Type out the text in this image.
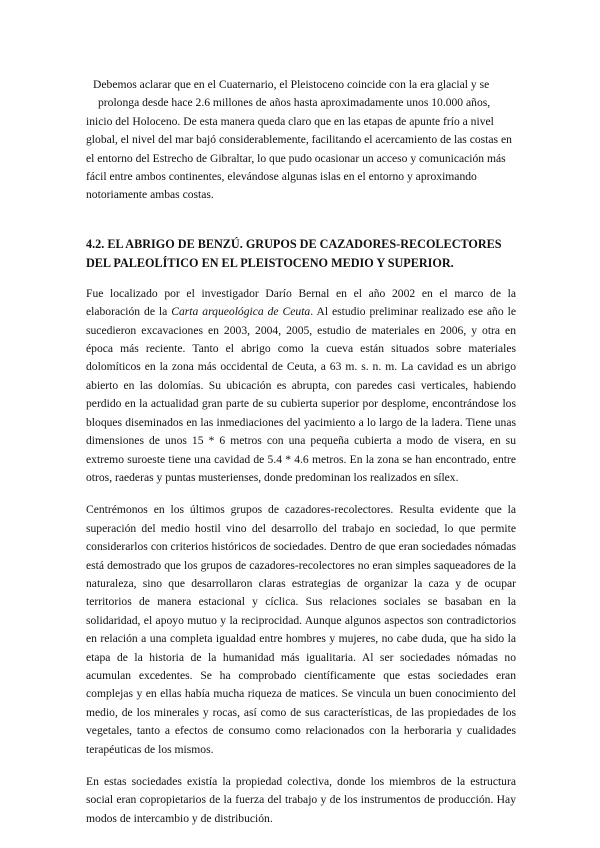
Debemos aclarar que en el Cuaternario, el Pleistoceno coincide con la era glacial y se
prolonga desde hace 2.6 millones de años hasta aproximadamente unos 10.000 años,
inicio del Holoceno. De esta manera queda claro que en las etapas de apunte frío a nivel global, el nivel del mar bajó considerablemente, facilitando el acercamiento de las costas en el entorno del Estrecho de Gibraltar, lo que pudo ocasionar un acceso y comunicación más fácil entre ambos continentes, elevándose algunas islas en el entorno y aproximando notoriamente ambas costas.

4.2. EL ABRIGO DE BENZÚ. GRUPOS DE CAZADORES-RECOLECTORES DEL PALEOLÍTICO EN EL PLEISTOCENO MEDIO Y SUPERIOR.

Fue localizado por el investigador Darío Bernal en el año 2002 en el marco de la elaboración de la Carta arqueológica de Ceuta. Al estudio preliminar realizado ese año le sucedieron excavaciones en 2003, 2004, 2005, estudio de materiales en 2006, y otra en época más reciente. Tanto el abrigo como la cueva están situados sobre materiales dolomíticos en la zona más occidental de Ceuta, a 63 m. s. n. m. La cavidad es un abrigo abierto en las dolomías. Su ubicación es abrupta, con paredes casi verticales, habiendo perdido en la actualidad gran parte de su cubierta superior por desplome, encontrándose los bloques diseminados en las inmediaciones del yacimiento a lo largo de la ladera. Tiene unas dimensiones de unos 15 * 6 metros con una pequeña cubierta a modo de visera, en su extremo suroeste tiene una cavidad de 5.4 * 4.6 metros. En la zona se han encontrado, entre otros, raederas y puntas musterienses, donde predominan los realizados en sílex.

Centrémonos en los últimos grupos de cazadores-recolectores. Resulta evidente que la superación del medio hostil vino del desarrollo del trabajo en sociedad, lo que permite considerarlos con criterios históricos de sociedades. Dentro de que eran sociedades nómadas está demostrado que los grupos de cazadores-recolectores no eran simples saqueadores de la naturaleza, sino que desarrollaron claras estrategias de organizar la caza y de ocupar territorios de manera estacional y cíclica. Sus relaciones sociales se basaban en la solidaridad, el apoyo mutuo y la reciprocidad. Aunque algunos aspectos son contradictorios en relación a una completa igualdad entre hombres y mujeres, no cabe duda, que ha sido la etapa de la historia de la humanidad más igualitaria. Al ser sociedades nómadas no acumulan excedentes. Se ha comprobado científicamente que estas sociedades eran complejas y en ellas había mucha riqueza de matices. Se vincula un buen conocimiento del medio, de los minerales y rocas, así como de sus características, de las propiedades de los vegetales, tanto a efectos de consumo como relacionados con la herboraria y cualidades terapéuticas de los mismos.

En estas sociedades existía la propiedad colectiva, donde los miembros de la estructura social eran copropietarios de la fuerza del trabajo y de los instrumentos de producción. Hay modos de intercambio y de distribución.
